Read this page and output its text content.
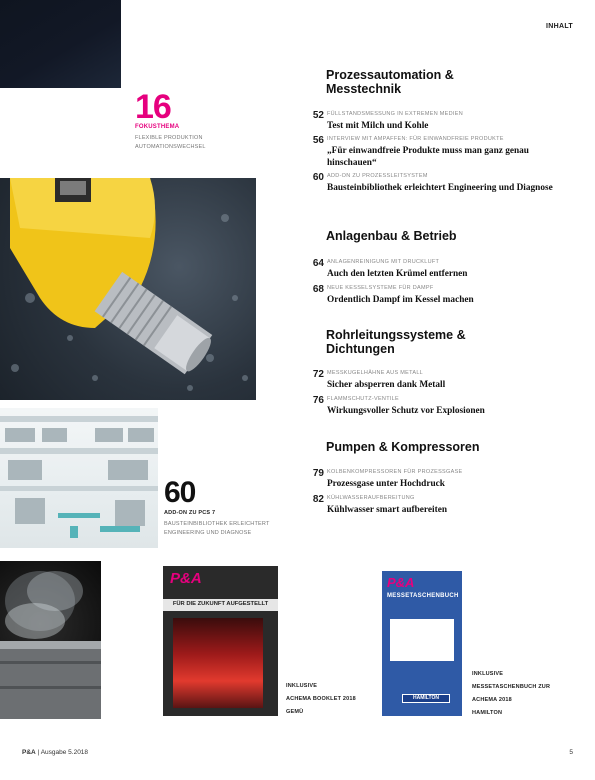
INHALT
16
FOKUSTHEMA
FLEXIBLE PRODUKTION
AUTOMATIONSWECHSEL
60
ADD-ON ZU PCS 7
BAUSTEINBIBLIOTHEK ERLEICHTERT
ENGINEERING UND DIAGNOSE
Prozessautomation &
Messtechnik
52 FÜLLSTANDSMESSUNG IN EXTREMEN MEDIEN
Test mit Milch und Kohle
56 INTERVIEW MIT AMPAFFEN: FÜR EINWANDFREIE PRODUKTE
„Für einwandfreie Produkte muss man ganz genau hinschauen“
60 ADD-ON ZU PROZESSLEITSYSTEM
Bausteinbibliothek erleichtert Engineering und Diagnose
Anlagenbau & Betrieb
64 ANLAGENREINIGUNG MIT DRUCKLUFT
Auch den letzten Krümel entfernen
68 NEUE KESSELSYSTEME FÜR DAMPF
Ordentlich Dampf im Kessel machen
Rohrleitungssysteme &
Dichtungen
72 MESSKUGELHÄHNE AUS METALL
Sicher absperren dank Metall
76 FLAMMSCHUTZ-VENTILE
Wirkungsvoller Schutz vor Explosionen
Pumpen & Kompressoren
79 KOLBENKOMPRESSOREN FÜR PROZESSGASE
Prozessgase unter Hochdruck
82 KÜHLWASSERAUFBEREITUNG
Kühlwasser smart aufbereiten
P&A
FÜR DIE ZUKUNFT AUFGESTELLT
INKLUSIVE
ACHEMA BOOKLET 2018
GEMÜ
P&A
MESSETASCHENBUCH
HAMILTON
INKLUSIVE
MESSETASCHENBUCH ZUR
ACHEMA 2018
HAMILTON
P&A | Ausgabe 5.2018	5
